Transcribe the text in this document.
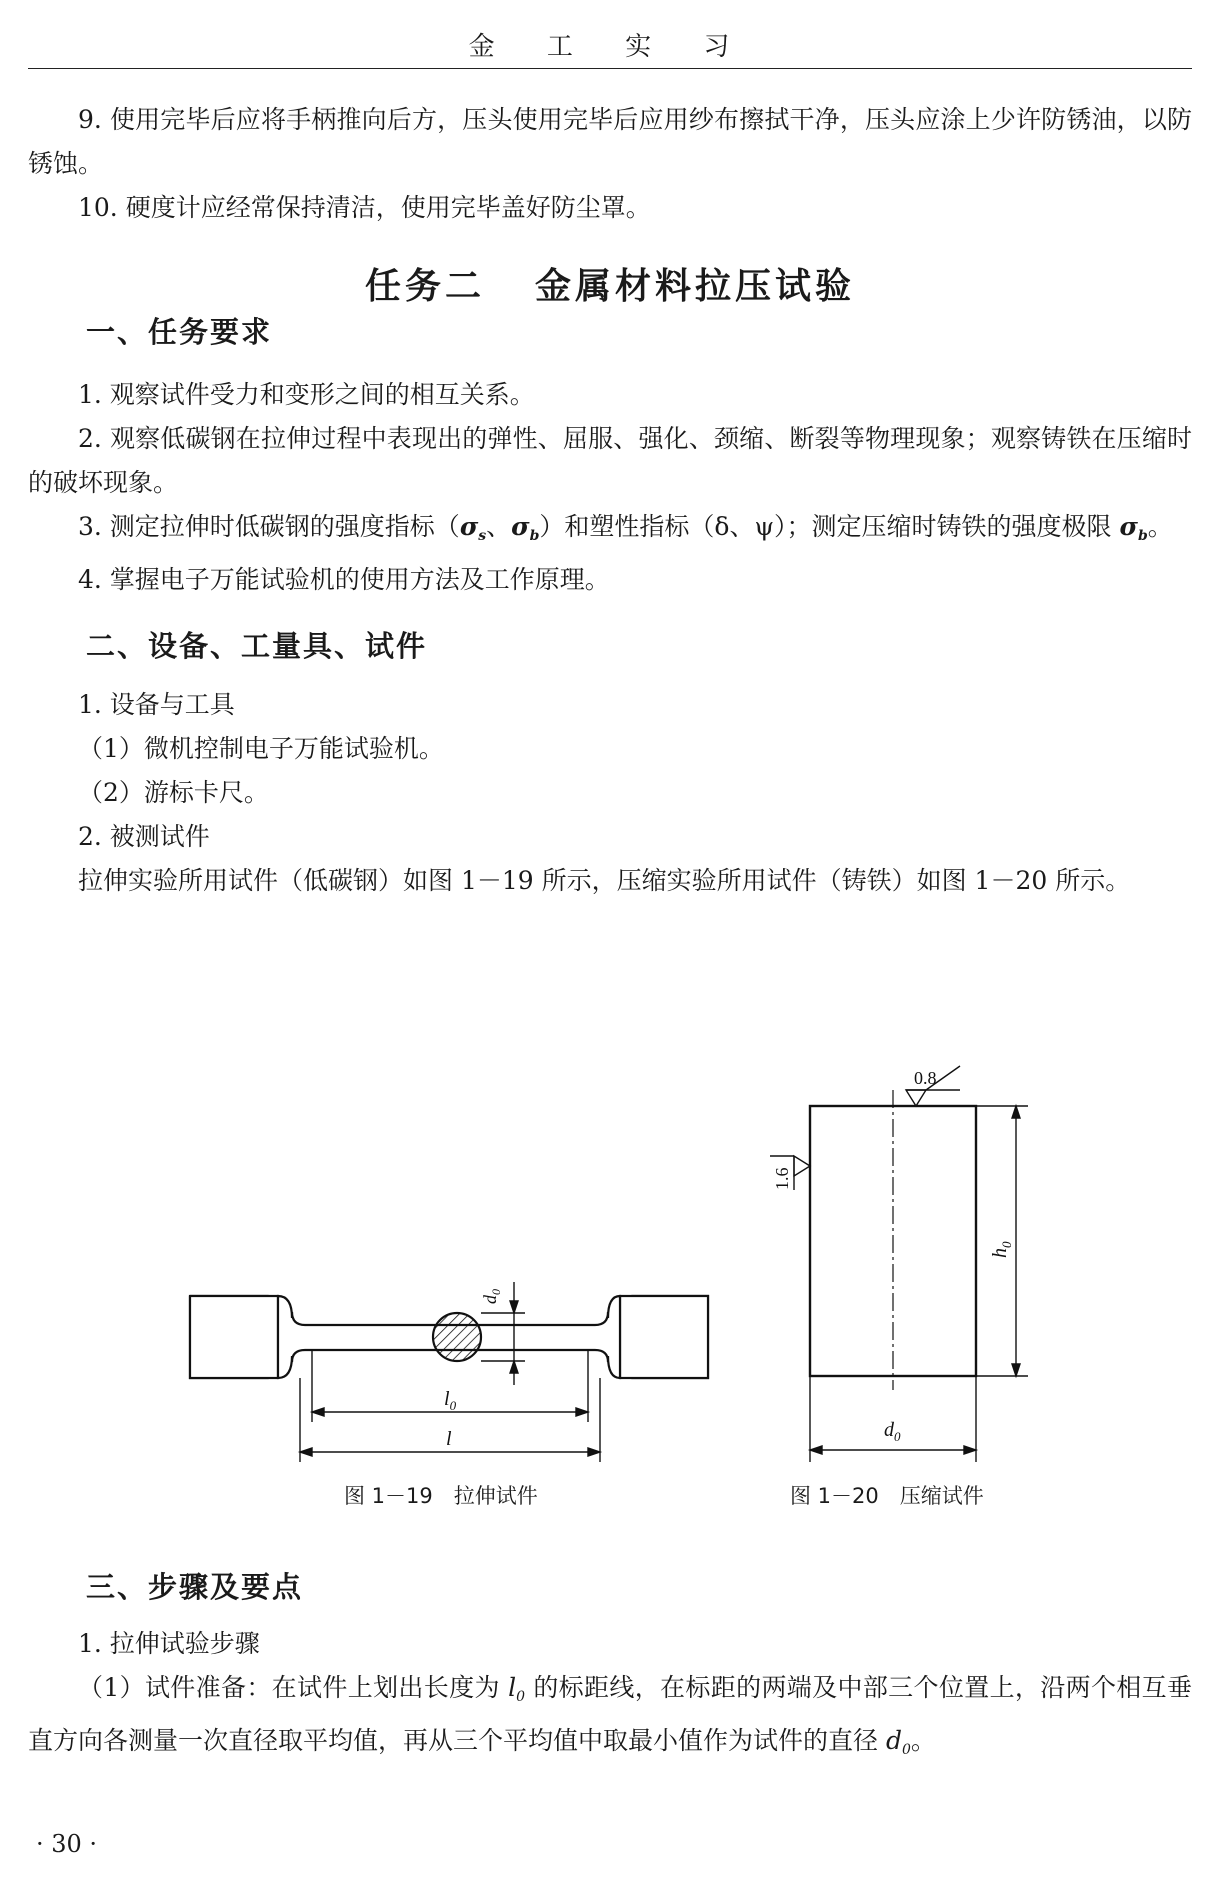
金 工 实 习

9. 使用完毕后应将手柄推向后方，压头使用完毕后应用纱布擦拭干净，压头应涂上少许防锈油，以防锈蚀。

10. 硬度计应经常保持清洁，使用完毕盖好防尘罩。

任务二 金属材料拉压试验
一、任务要求

1. 观察试件受力和变形之间的相互关系。

2. 观察低碳钢在拉伸过程中表现出的弹性、屈服、强化、颈缩、断裂等物理现象；观察铸铁在压缩时的破坏现象。

3. 测定拉伸时低碳钢的强度指标（$\sigma_s$、$\sigma_b$）和塑性指标（δ、ψ）；测定压缩时铸铁的强度极限 $\sigma_b$。

4. 掌握电子万能试验机的使用方法及工作原理。

二、设备、工量具、试件

1. 设备与工具

（1）微机控制电子万能试验机。

（2）游标卡尺。

2. 被测试件

拉伸实验所用试件（低碳钢）如图 1－19 所示，压缩实验所用试件（铸铁）如图 1－20 所示。

$d_0$
$l_0$
l
0.8
1.6
$h_0$
$d_0$
图 1－19　拉伸试件	图 1－20　压缩试件
三、步骤及要点

1. 拉伸试验步骤

（1）试件准备：在试件上划出长度为 $l_0$ 的标距线，在标距的两端及中部三个位置上，沿两个相互垂直方向各测量一次直径取平均值，再从三个平均值中取最小值作为试件的直径 $d_0$。

· 30 ·
